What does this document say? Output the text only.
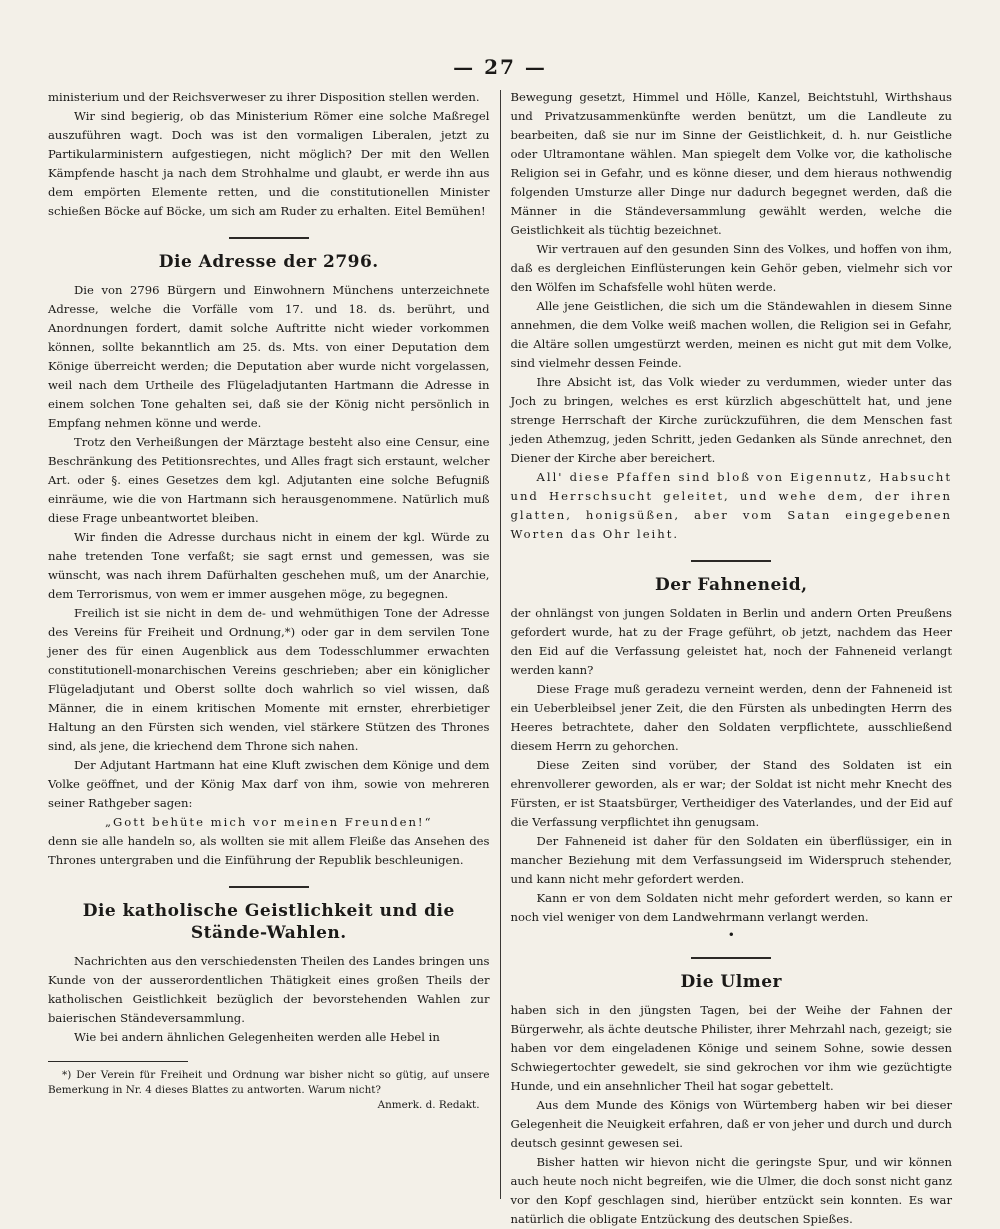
— 27 —

ministerium und der Reichsverweser zu ihrer Disposition stellen werden.

Wir sind begierig, ob das Ministerium Römer eine solche Maßregel auszuführen wagt. Doch was ist den vormaligen Liberalen, jetzt zu Partikularministern aufgestiegen, nicht möglich? Der mit den Wellen Kämpfende hascht ja nach dem Strohhalme und glaubt, er werde ihn aus dem empörten Elemente retten, und die constitutionellen Minister schießen Böcke auf Böcke, um sich am Ruder zu erhalten. Eitel Bemühen!

Die Adresse der 2796.

Die von 2796 Bürgern und Einwohnern Münchens unterzeichnete Adresse, welche die Vorfälle vom 17. und 18. ds. berührt, und Anordnungen fordert, damit solche Auftritte nicht wieder vorkommen können, sollte bekanntlich am 25. ds. Mts. von einer Deputation dem Könige überreicht werden; die Deputation aber wurde nicht vorgelassen, weil nach dem Urtheile des Flügeladjutanten Hartmann die Adresse in einem solchen Tone gehalten sei, daß sie der König nicht persönlich in Empfang nehmen könne und werde.

Trotz den Verheißungen der Märztage besteht also eine Censur, eine Beschränkung des Petitionsrechtes, und Alles fragt sich erstaunt, welcher Art. oder §. eines Gesetzes dem kgl. Adjutanten eine solche Befugniß einräume, wie die von Hartmann sich herausgenommene. Natürlich muß diese Frage unbeantwortet bleiben.

Wir finden die Adresse durchaus nicht in einem der kgl. Würde zu nahe tretenden Tone verfaßt; sie sagt ernst und gemessen, was sie wünscht, was nach ihrem Dafürhalten geschehen muß, um der Anarchie, dem Terrorismus, von wem er immer ausgehen möge, zu begegnen.

Freilich ist sie nicht in dem de- und wehmüthigen Tone der Adresse des Vereins für Freiheit und Ordnung,*) oder gar in dem servilen Tone jener des für einen Augenblick aus dem Todesschlummer erwachten constitutionell-monarchischen Vereins geschrieben; aber ein königlicher Flügeladjutant und Oberst sollte doch wahrlich so viel wissen, daß Männer, die in einem kritischen Momente mit ernster, ehrerbietiger Haltung an den Fürsten sich wenden, viel stärkere Stützen des Thrones sind, als jene, die kriechend dem Throne sich nahen.

Der Adjutant Hartmann hat eine Kluft zwischen dem Könige und dem Volke geöffnet, und der König Max darf von ihm, sowie von mehreren seiner Rathgeber sagen:

„Gott behüte mich vor meinen Freunden!“

denn sie alle handeln so, als wollten sie mit allem Fleiße das Ansehen des Thrones untergraben und die Einführung der Republik beschleunigen.

Die katholische Geistlichkeit und die Stände-Wahlen.

Nachrichten aus den verschiedensten Theilen des Landes bringen uns Kunde von der ausserordentlichen Thätigkeit eines großen Theils der katholischen Geistlichkeit bezüglich der bevorstehenden Wahlen zur baierischen Ständeversammlung.

Wie bei andern ähnlichen Gelegenheiten werden alle Hebel in

*) Der Verein für Freiheit und Ordnung war bisher nicht so gütig, auf unsere Bemerkung in Nr. 4 dieses Blattes zu antworten. Warum nicht?

Anmerk. d. Redakt.

Bewegung gesetzt, Himmel und Hölle, Kanzel, Beichtstuhl, Wirthshaus und Privatzusammenkünfte werden benützt, um die Landleute zu bearbeiten, daß sie nur im Sinne der Geistlichkeit, d. h. nur Geistliche oder Ultramontane wählen. Man spiegelt dem Volke vor, die katholische Religion sei in Gefahr, und es könne dieser, und dem hieraus nothwendig folgenden Umsturze aller Dinge nur dadurch begegnet werden, daß die Männer in die Ständeversammlung gewählt werden, welche die Geistlichkeit als tüchtig bezeichnet.

Wir vertrauen auf den gesunden Sinn des Volkes, und hoffen von ihm, daß es dergleichen Einflüsterungen kein Gehör geben, vielmehr sich vor den Wölfen im Schafsfelle wohl hüten werde.

Alle jene Geistlichen, die sich um die Ständewahlen in diesem Sinne annehmen, die dem Volke weiß machen wollen, die Religion sei in Gefahr, die Altäre sollen umgestürzt werden, meinen es nicht gut mit dem Volke, sind vielmehr dessen Feinde.

Ihre Absicht ist, das Volk wieder zu verdummen, wieder unter das Joch zu bringen, welches es erst kürzlich abgeschüttelt hat, und jene strenge Herrschaft der Kirche zurückzuführen, die dem Menschen fast jeden Athemzug, jeden Schritt, jeden Gedanken als Sünde anrechnet, den Diener der Kirche aber bereichert.

All' diese Pfaffen sind bloß von Eigennutz, Habsucht und Herrschsucht geleitet, und wehe dem, der ihren glatten, honigsüßen, aber vom Satan eingegebenen Worten das Ohr leiht.

Der Fahneneid,

der ohnlängst von jungen Soldaten in Berlin und andern Orten Preußens gefordert wurde, hat zu der Frage geführt, ob jetzt, nachdem das Heer den Eid auf die Verfassung geleistet hat, noch der Fahneneid verlangt werden kann?

Diese Frage muß geradezu verneint werden, denn der Fahneneid ist ein Ueberbleibsel jener Zeit, die den Fürsten als unbedingten Herrn des Heeres betrachtete, daher den Soldaten verpflichtete, ausschließend diesem Herrn zu gehorchen.

Diese Zeiten sind vorüber, der Stand des Soldaten ist ein ehrenvollerer geworden, als er war; der Soldat ist nicht mehr Knecht des Fürsten, er ist Staatsbürger, Vertheidiger des Vaterlandes, und der Eid auf die Verfassung verpflichtet ihn genugsam.

Der Fahneneid ist daher für den Soldaten ein überflüssiger, ein in mancher Beziehung mit dem Verfassungseid im Widerspruch stehender, und kann nicht mehr gefordert werden.

Kann er von dem Soldaten nicht mehr gefordert werden, so kann er noch viel weniger von dem Landwehrmann verlangt werden.

•
Die Ulmer

haben sich in den jüngsten Tagen, bei der Weihe der Fahnen der Bürgerwehr, als ächte deutsche Philister, ihrer Mehrzahl nach, gezeigt; sie haben vor dem eingeladenen Könige und seinem Sohne, sowie dessen Schwiegertochter gewedelt, sie sind gekrochen vor ihm wie gezüchtigte Hunde, und ein ansehnlicher Theil hat sogar gebettelt.

Aus dem Munde des Königs von Würtemberg haben wir bei dieser Gelegenheit die Neuigkeit erfahren, daß er von jeher und durch und durch deutsch gesinnt gewesen sei.

Bisher hatten wir hievon nicht die geringste Spur, und wir können auch heute noch nicht begreifen, wie die Ulmer, die doch sonst nicht ganz vor den Kopf geschlagen sind, hierüber entzückt sein konnten. Es war natürlich die obligate Entzückung des deutschen Spießes.
